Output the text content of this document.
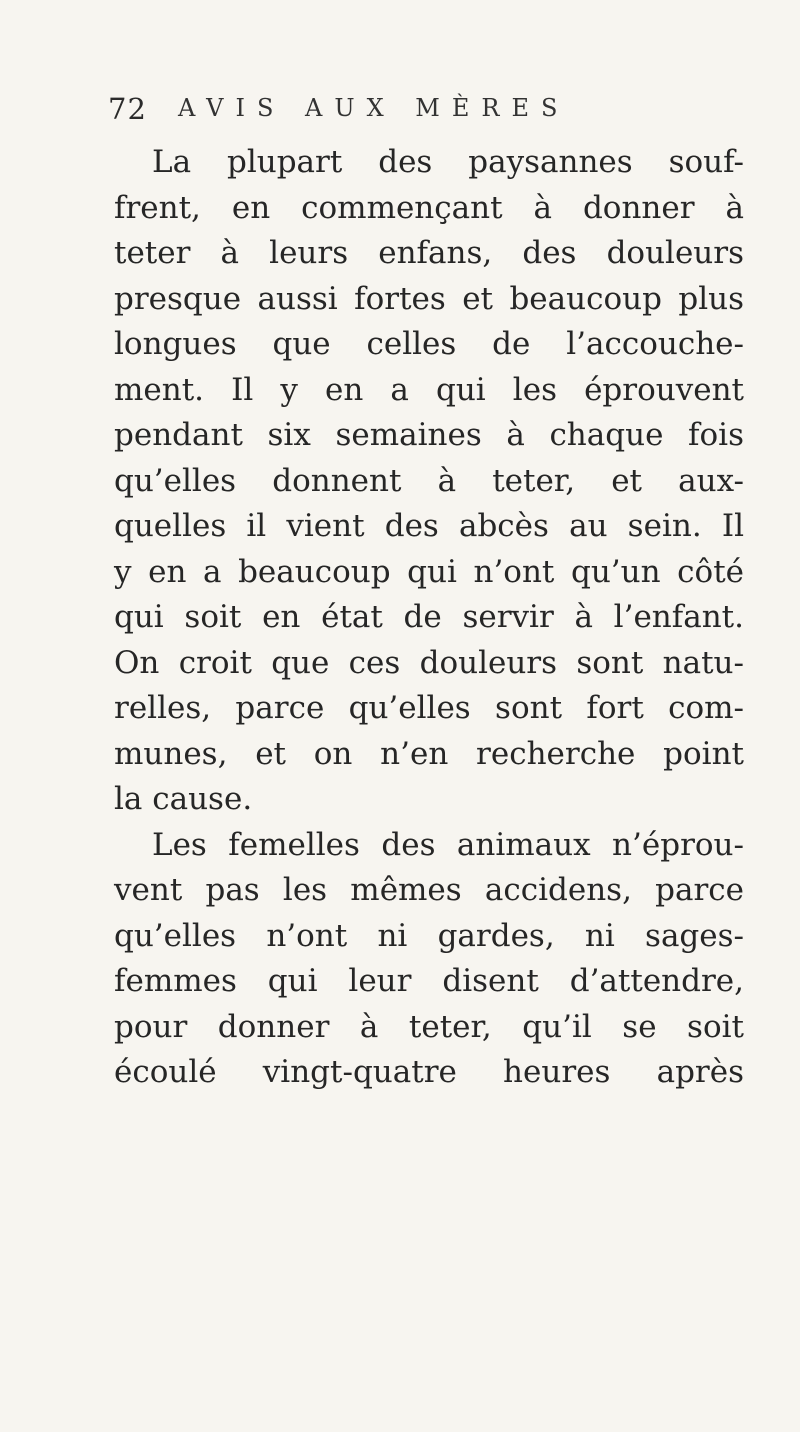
72 AVIS AUX MÈRES
La plupart des paysannes souf-
frent, en commençant à donner à
teter à leurs enfans, des douleurs
presque aussi fortes et beaucoup plus
longues que celles de l’accouche-
ment. Il y en a qui les éprouvent
pendant six semaines à chaque fois
qu’elles donnent à teter, et aux-
quelles il vient des abcès au sein. Il
y en a beaucoup qui n’ont qu’un côté
qui soit en état de servir à l’enfant.
On croit que ces douleurs sont natu-
relles, parce qu’elles sont fort com-
munes, et on n’en recherche point
la cause.
Les femelles des animaux n’éprou-
vent pas les mêmes accidens, parce
qu’elles n’ont ni gardes, ni sages-
femmes qui leur disent d’attendre,
pour donner à teter, qu’il se soit
écoulé vingt-quatre heures après
